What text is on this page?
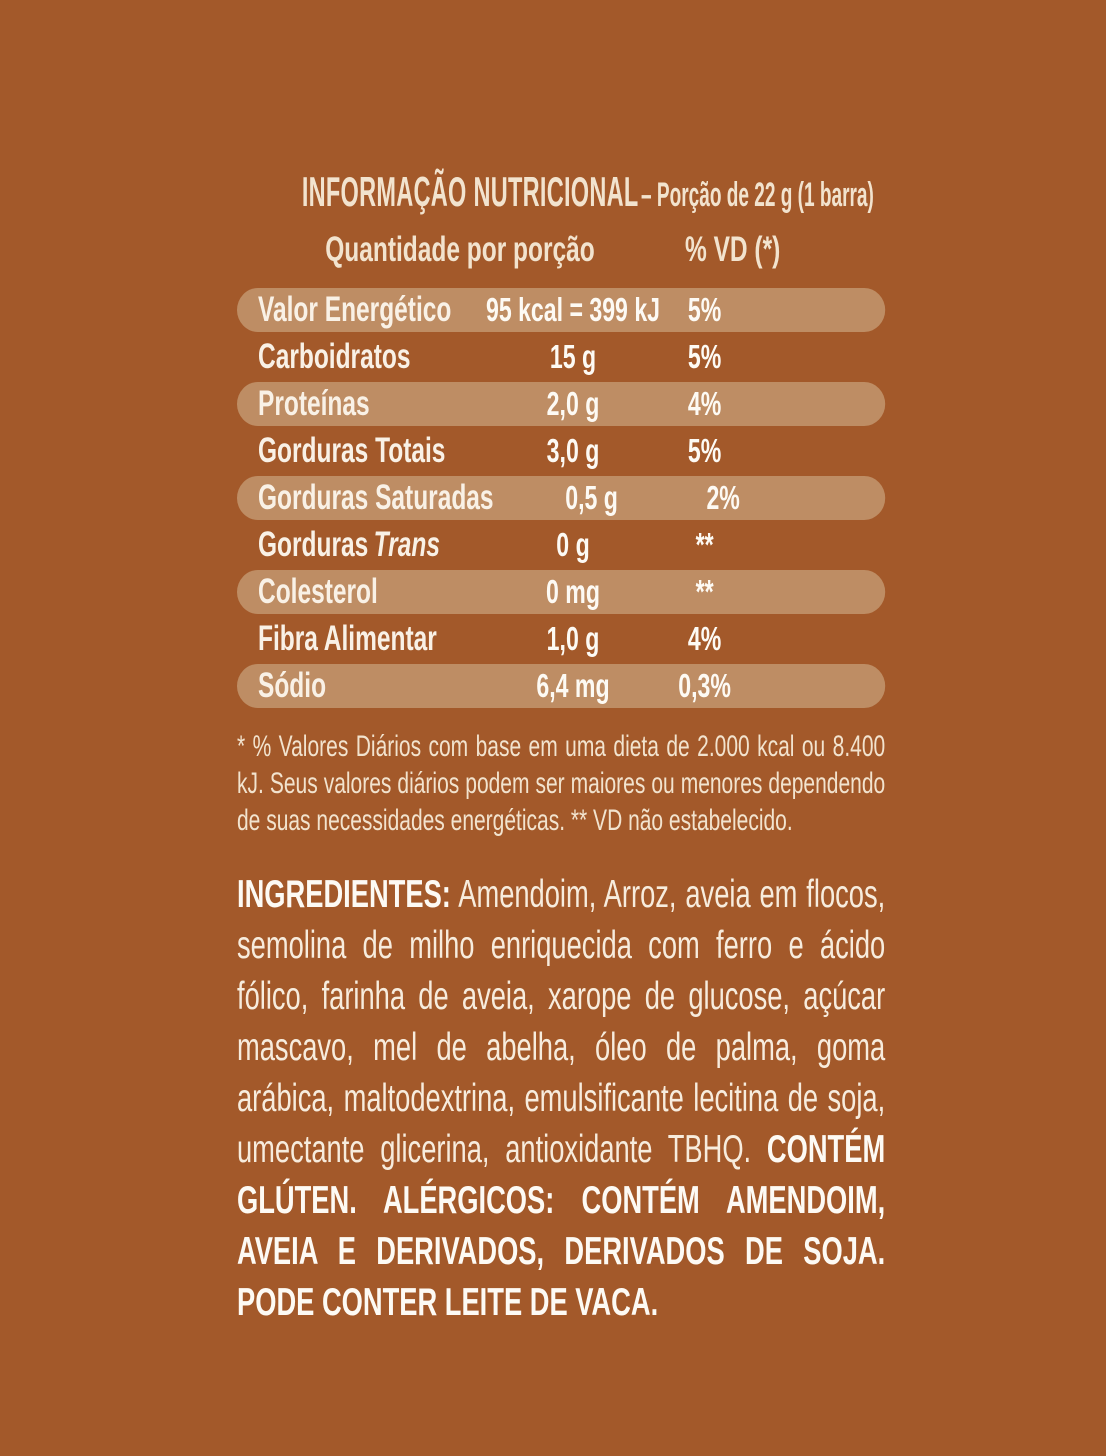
INFORMAÇÃO NUTRICIONAL – Porção de 22 g (1 barra)
Quantidade por porção	% VD (*)
Valor Energético	95 kcal = 399 kJ 5%
Carboidratos	15 g	5%
Proteínas	2,0 g	4%
Gorduras Totais	3,0 g	5%
Gorduras Saturadas	0,5 g	2%
Gorduras Trans	0 g	**
Colesterol	0 mg	**
Fibra Alimentar	1,0 g	4%
Sódio	6,4 mg	0,3%

* % Valores Diários com base em uma dieta de 2.000 kcal ou 8.400 kJ. Seus valores diários podem ser maiores ou menores dependendo de suas necessidades energéticas. ** VD não estabelecido.

INGREDIENTES: Amendoim, Arroz, aveia em flocos, semolina de milho enriquecida com ferro e ácido fólico, farinha de aveia, xarope de glucose, açúcar mascavo, mel de abelha, óleo de palma, goma arábica, maltodextrina, emulsificante lecitina de soja, umectante glicerina, antioxidante TBHQ. CONTÉM GLÚTEN. ALÉRGICOS: CONTÉM AMENDOIM, AVEIA E DERIVADOS, DERIVADOS DE SOJA. PODE CONTER LEITE DE VACA.
